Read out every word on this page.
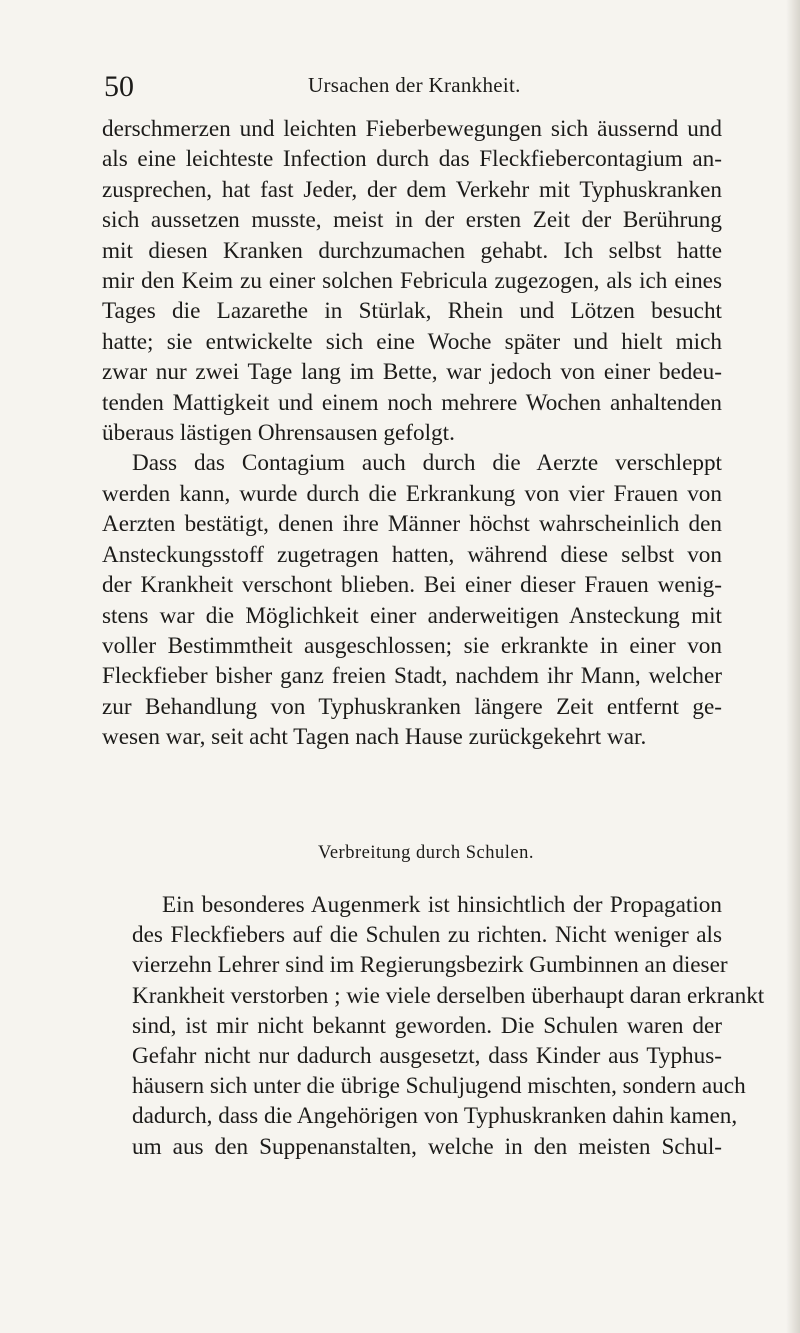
50	Ursachen der Krankheit.

derschmerzen und leichten Fieberbewegungen sich äussernd und
als eine leichteste Infection durch das Fleckfiebercontagium an-
zusprechen, hat fast Jeder, der dem Verkehr mit Typhuskranken
sich aussetzen musste, meist in der ersten Zeit der Berührung
mit diesen Kranken durchzumachen gehabt. Ich selbst hatte
mir den Keim zu einer solchen Febricula zugezogen, als ich eines
Tages die Lazarethe in Stürlak, Rhein und Lötzen besucht
hatte; sie entwickelte sich eine Woche später und hielt mich
zwar nur zwei Tage lang im Bette, war jedoch von einer bedeu-
tenden Mattigkeit und einem noch mehrere Wochen anhaltenden
überaus lästigen Ohrensausen gefolgt.

Dass das Contagium auch durch die Aerzte verschleppt
werden kann, wurde durch die Erkrankung von vier Frauen von
Aerzten bestätigt, denen ihre Männer höchst wahrscheinlich den
Ansteckungsstoff zugetragen hatten, während diese selbst von
der Krankheit verschont blieben. Bei einer dieser Frauen wenig-
stens war die Möglichkeit einer anderweitigen Ansteckung mit
voller Bestimmtheit ausgeschlossen; sie erkrankte in einer von
Fleckfieber bisher ganz freien Stadt, nachdem ihr Mann, welcher
zur Behandlung von Typhuskranken längere Zeit entfernt ge-
wesen war, seit acht Tagen nach Hause zurückgekehrt war.

Verbreitung durch Schulen.

Ein besonderes Augenmerk ist hinsichtlich der Propagation
des Fleckfiebers auf die Schulen zu richten. Nicht weniger als
vierzehn Lehrer sind im Regierungsbezirk Gumbinnen an dieser
Krankheit verstorben ; wie viele derselben überhaupt daran erkrankt
sind, ist mir nicht bekannt geworden. Die Schulen waren der
Gefahr nicht nur dadurch ausgesetzt, dass Kinder aus Typhus-
häusern sich unter die übrige Schuljugend mischten, sondern auch
dadurch, dass die Angehörigen von Typhuskranken dahin kamen,
um aus den Suppenanstalten, welche in den meisten Schul-
